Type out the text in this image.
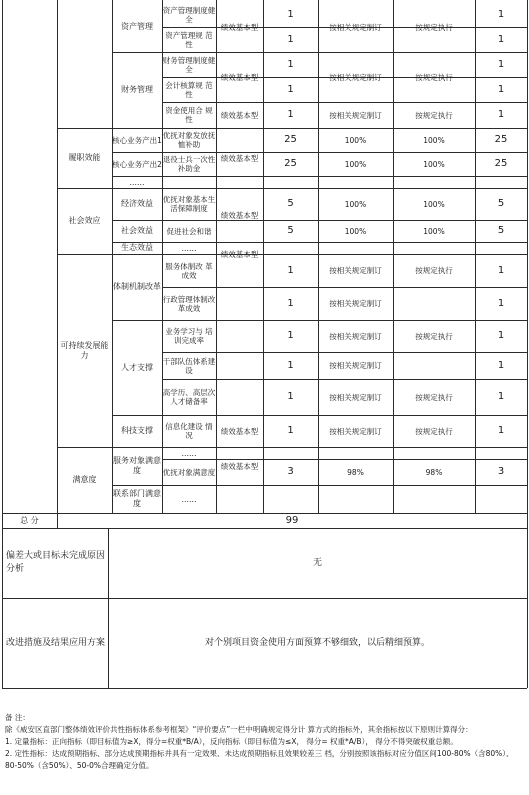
履职效能
社会效应
可持续发展能力
满意度
资产管理
财务管理
核心业务产出1
核心业务产出2
……
经济效益
社会效益
生态效益
体制机制改革
人才支撑
科技支撑
服务对象满意度
联系部门满意度
资产管理制度健全
资产管理规 范性
财务管理制度健全
会计核算规 范性
资金使用合 规性
优抚对象发放抚恤补助
退役士兵一次性补助金
优抚对象基本生活保障制度
促进社会和谐
……
服务体制改 革成效
行政管理体制改革成效
业务学习与 培训完成率
干部队伍体系建设
高学历、高层次人才储备率
信息化建设 情况
……
优抚对象满意度
……
绩效基本型
绩效基本型
绩效基本型
绩效基本型
绩效基本型
绩效基本型
绩效基本型
绩效基本型
1
1
1
1
1
25
25
5
5
1
1
1
1
1
1
3
按相关规定制订
按相关规定制订
按相关规定制订
100%
100%
100%
100%
按相关规定制订
按相关规定制订
按相关规定制订
按相关规定制订
按相关规定制订
按相关规定制订
98%
按规定执行
按规定执行
按规定执行
100%
100%
100%
100%
按规定执行
按规定执行
按规定执行
按规定执行
98%
1
1
1
1
1
25
25
5
5
1
1
1
1
1
1
3
总 分	99
偏差大或目标未完成原因分析
无
改进措施及结果应用方案	对个别项目资金使用方面预算不够细致，以后精细预算。

备 注：

除《威安区直部门整体绩效评价共性指标体系参考框架》“评价要点”一栏中明确规定得分计 算方式的指标外，其余指标按以下原则计算得分：

1. 定量指标：正向指标（即目标值为≥X，得分=权重*B/A），反向指标（即目标值为≤X， 得分= 权重*A/B）， 得分不得突破权重总额。

2. 定性指标：达成预期指标、部分达成预期指标并具有一定效果、未达成预期指标且效果较差三 档，分别按照该指标对应分值区间100-80%（含80%）、80-50%（含50%）、50-0%合理确定分值。
